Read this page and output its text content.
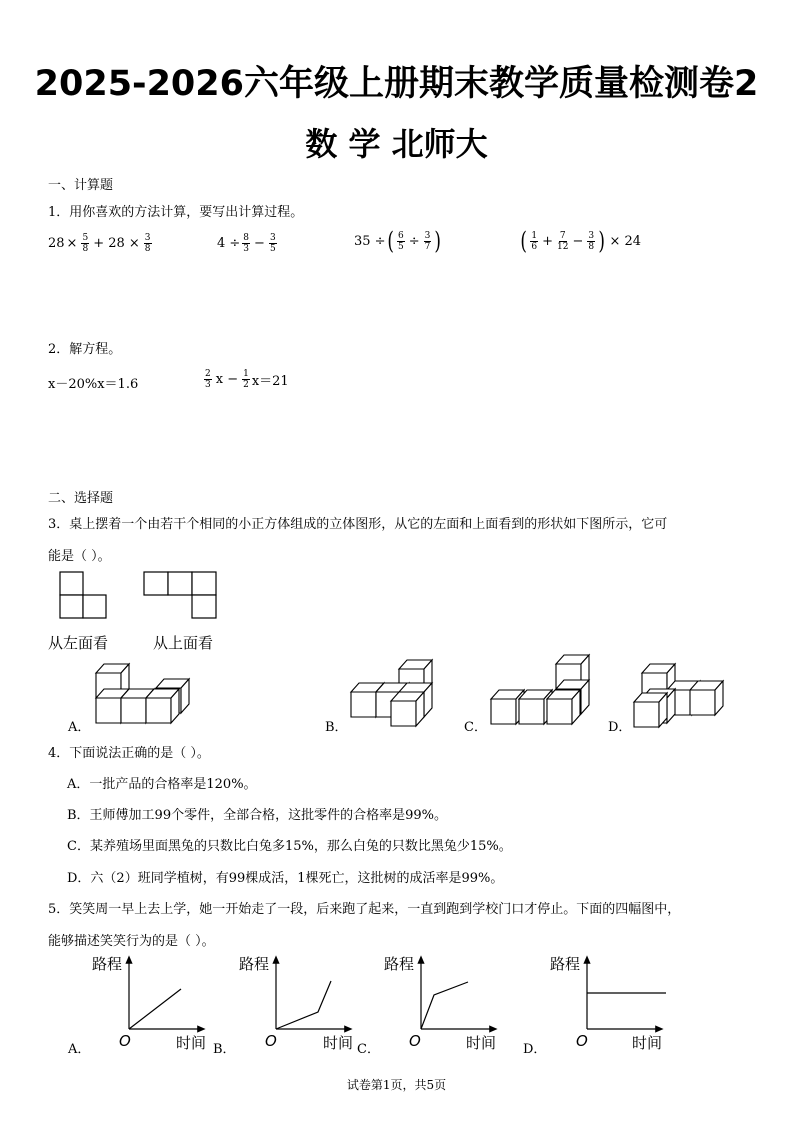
2025-2026六年级上册期末教学质量检测卷2
数 学 北师大
一、计算题
1．用你喜欢的方法计算，要写出计算过程。
$28 \times \frac{5}{8} + 28 \times \frac{3}{8}$	$4 \div \frac{8}{3} - \frac{3}{5}$	35 ÷ ( $\frac{6}{5} \div \frac{3}{7}$ )	( $\frac{1}{6} + \frac{7}{12} - \frac{3}{8}$ ) × 24
2．解方程。
x－20%x＝1.6	$\frac{2}{3}$ $x - \frac{1}{2} x=21$
二、选择题
3．桌上摆着一个由若干个相同的小正方体组成的立体图形，从它的左面和上面看到的形状如下图所示，它可
能是（ ）。
从左面看	从上面看
A．	B．	C．	D．
4．下面说法正确的是（ ）。
A．一批产品的合格率是120%。
B．王师傅加工99个零件，全部合格，这批零件的合格率是99%。
C．某养殖场里面黑兔的只数比白兔多15%，那么白兔的只数比黑兔少15%。
D．六（2）班同学植树，有99棵成活，1棵死亡，这批树的成活率是99%。
5．笑笑周一早上去上学，她一开始走了一段，后来跑了起来，一直到跑到学校门口才停止。下面的四幅图中，
能够描述笑笑行为的是（ ）。
路程	路程	路程	路程
时间	时间	时间	时间
O	O	O	O
A．	B．	C．	D．
试卷第1页，共5页
